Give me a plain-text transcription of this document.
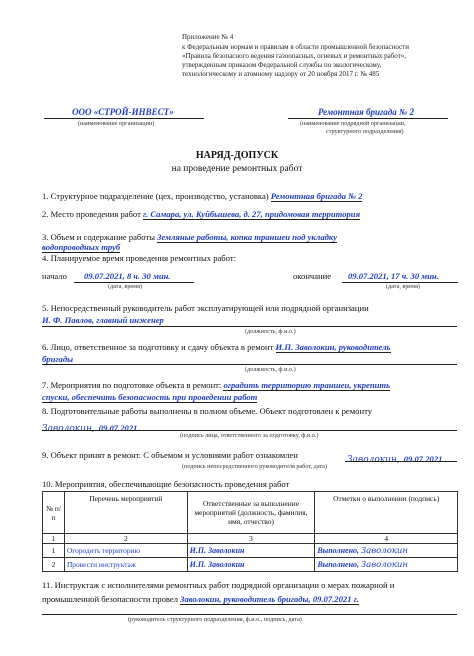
Приложение № 4
к Федеральным нормам и правилам в области промышленной безопасности
«Правила безопасного ведения газоопасных, огневых и ремонтных работ»,
утвержденным приказом Федеральной службы по экологическому,
технологическому и атомному надзору от 20 ноября 2017 г. № 485
ООО «СТРОЙ-ИНВЕСТ»
(наименование организации)
Ремонтная бригада № 2
(наименование подрядной организации,
структурного подразделения)
НАРЯД-ДОПУСК
на проведение ремонтных работ
1. Структурное подразделение (цех, производство, установка) Ремонтная бригада № 2
2. Место проведения работ г. Самара, ул. Куйбышева, д. 27, придомовая территория
3. Объем и содержание работы Земляные работы, копка траншеи под укладку
водопроводных труб
4. Планируемое время проведения ремонтных работ:
начало 09.07.2021, 8 ч. 30 мин.
(дата, время)
окончание 09.07.2021, 17 ч. 30 мин.
(дата, время)
5. Непосредственный руководитель работ эксплуатирующей или подрядной организации
И. Ф. Павлов, главный инженер
(должность, ф.и.о.)
6. Лицо, ответственное за подготовку и сдачу объекта в ремонт И.П. Заволокин, руководитель
бригады
(должность, ф.и.о.)
7. Мероприятия по подготовке объекта в ремонт: оградить территорию траншеи, укрепить
спуски, обеспечить безопасность при проведении работ
8. Подготовительные работы выполнены в полном объеме. Объект подготовлен к ремонту
Заволокин, 09.07.2021
(подпись лица, ответственного за подготовку, ф.и.о.)
9. Объект принят в ремонт. С объемом и условиями работ ознакомлен	Заволокин, 09.07.2021
(подпись непосредственного руководителя работ, дата)
10. Мероприятия, обеспечивающие безопасность проведения работ
№ п/п	Перечень мероприятий	Ответственные за выполнение мероприятий (должность, фамилия, имя, отчество)	Отметки о выполнении (подпись)
1	2	3	4
1	Огородить территорию	И.П. Заволокин	Выполнено, Заволокин
2	Провести инструктаж	И.П. Заволокин	Выполнено, Заволокин
11. Инструктаж с исполнителями ремонтных работ подрядной организации о мерах пожарной и
промышленной безопасности провел Заволокин, руководитель бригады, 09.07.2021 г.
(руководитель структурного подразделения, ф.и.о., подпись, дата)
